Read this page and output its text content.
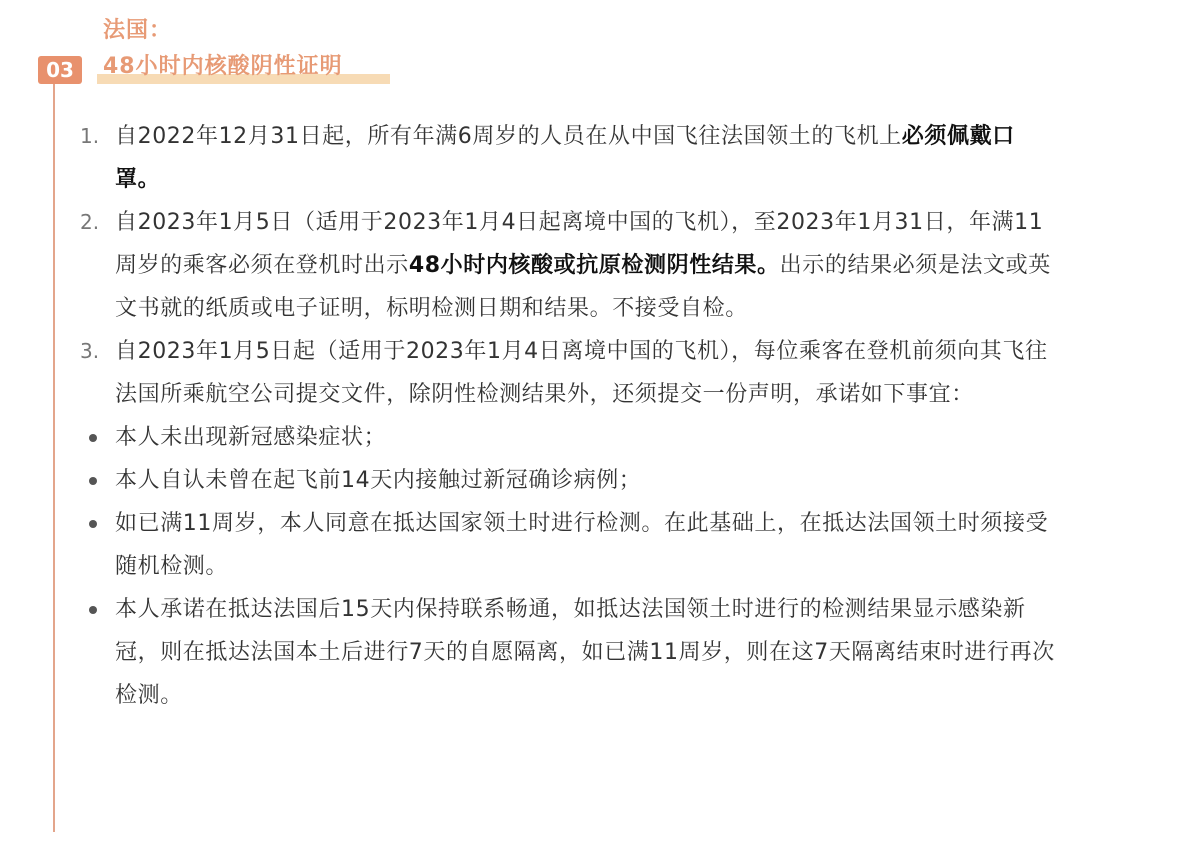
法国：
03	48小时内核酸阴性证明
1. 自2022年12月31日起，所有年满6周岁的人员在从中国飞往法国领土的飞机上必须佩戴口罩。
2. 自2023年1月5日（适用于2023年1月4日起离境中国的飞机），至2023年1月31日，年满11周岁的乘客必须在登机时出示48小时内核酸或抗原检测阴性结果。出示的结果必须是法文或英文书就的纸质或电子证明，标明检测日期和结果。不接受自检。
3. 自2023年1月5日起（适用于2023年1月4日离境中国的飞机），每位乘客在登机前须向其飞往法国所乘航空公司提交文件，除阴性检测结果外，还须提交一份声明，承诺如下事宜：
本人未出现新冠感染症状；
本人自认未曾在起飞前14天内接触过新冠确诊病例；
如已满11周岁，本人同意在抵达国家领土时进行检测。在此基础上，在抵达法国领土时须接受随机检测。
本人承诺在抵达法国后15天内保持联系畅通，如抵达法国领土时进行的检测结果显示感染新冠，则在抵达法国本土后进行7天的自愿隔离，如已满11周岁，则在这7天隔离结束时进行再次检测。
